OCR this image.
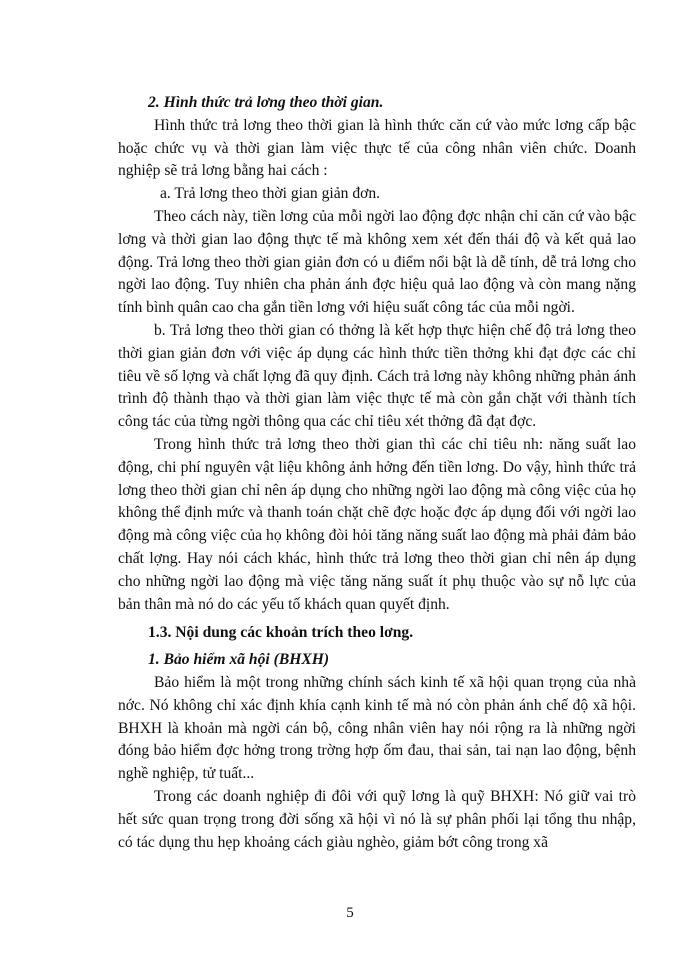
2. Hình thức trả lơng theo thời gian.

Hình thức trả lơng theo thời gian là hình thức căn cứ vào mức lơng cấp bậc hoặc chức vụ và thời gian làm việc thực tế của công nhân viên chức. Doanh nghiệp sẽ trả lơng bằng hai cách :

a. Trả lơng theo thời gian giản đơn.

Theo cách này, tiền lơng của mỗi ngời lao động đợc nhận chỉ căn cứ vào bậc lơng và thời gian lao động thực tế mà không xem xét đến thái độ và kết quả lao động. Trả lơng theo thời gian giản đơn có u điểm nổi bật là dễ tính, dễ trả lơng cho ngời lao động. Tuy nhiên cha phản ánh đợc hiệu quả lao động và còn mang nặng tính bình quân cao cha gắn tiền lơng với hiệu suất công tác của mỗi ngời.

b. Trả lơng theo thời gian có thởng là kết hợp thực hiện chế độ trả lơng theo thời gian giản đơn với việc áp dụng các hình thức tiền thởng khi đạt đợc các chỉ tiêu về số lợng và chất lợng đã quy định. Cách trả lơng này không những phản ánh trình độ thành thạo và thời gian làm việc thực tế mà còn gắn chặt với thành tích công tác của từng ngời thông qua các chỉ tiêu xét thởng đã đạt đợc.

Trong hình thức trả lơng theo thời gian thì các chỉ tiêu nh: năng suất lao động, chi phí nguyên vật liệu không ảnh hởng đến tiền lơng. Do vậy, hình thức trả lơng theo thời gian chỉ nên áp dụng cho những ngời lao động mà công việc của họ không thể định mức và thanh toán chặt chẽ đợc hoặc đợc áp dụng đối với ngời lao động mà công việc của họ không đòi hỏi tăng năng suất lao động mà phải đảm bảo chất lợng. Hay nói cách khác, hình thức trả lơng theo thời gian chỉ nên áp dụng cho những ngời lao động mà việc tăng năng suất ít phụ thuộc vào sự nỗ lực của bản thân mà nó do các yếu tố khách quan quyết định.

1.3. Nội dung các khoản trích theo lơng.

1. Bảo hiểm xã hội (BHXH)

Bảo hiểm là một trong những chính sách kinh tế xã hội quan trọng của nhà nớc. Nó không chỉ xác định khía cạnh kinh tế mà nó còn phản ánh chế độ xã hội. BHXH là khoản mà ngời cán bộ, công nhân viên hay nói rộng ra là những ngời đóng bảo hiểm đợc hởng trong trờng hợp ốm đau, thai sản, tai nạn lao động, bệnh nghề nghiệp, tử tuất...

Trong các doanh nghiệp đi đôi với quỹ lơng là quỹ BHXH: Nó giữ vai trò hết sức quan trọng trong đời sống xã hội vì nó là sự phân phối lại tổng thu nhập, có tác dụng thu hẹp khoảng cách giàu nghèo, giảm bớt công trong xã

5
